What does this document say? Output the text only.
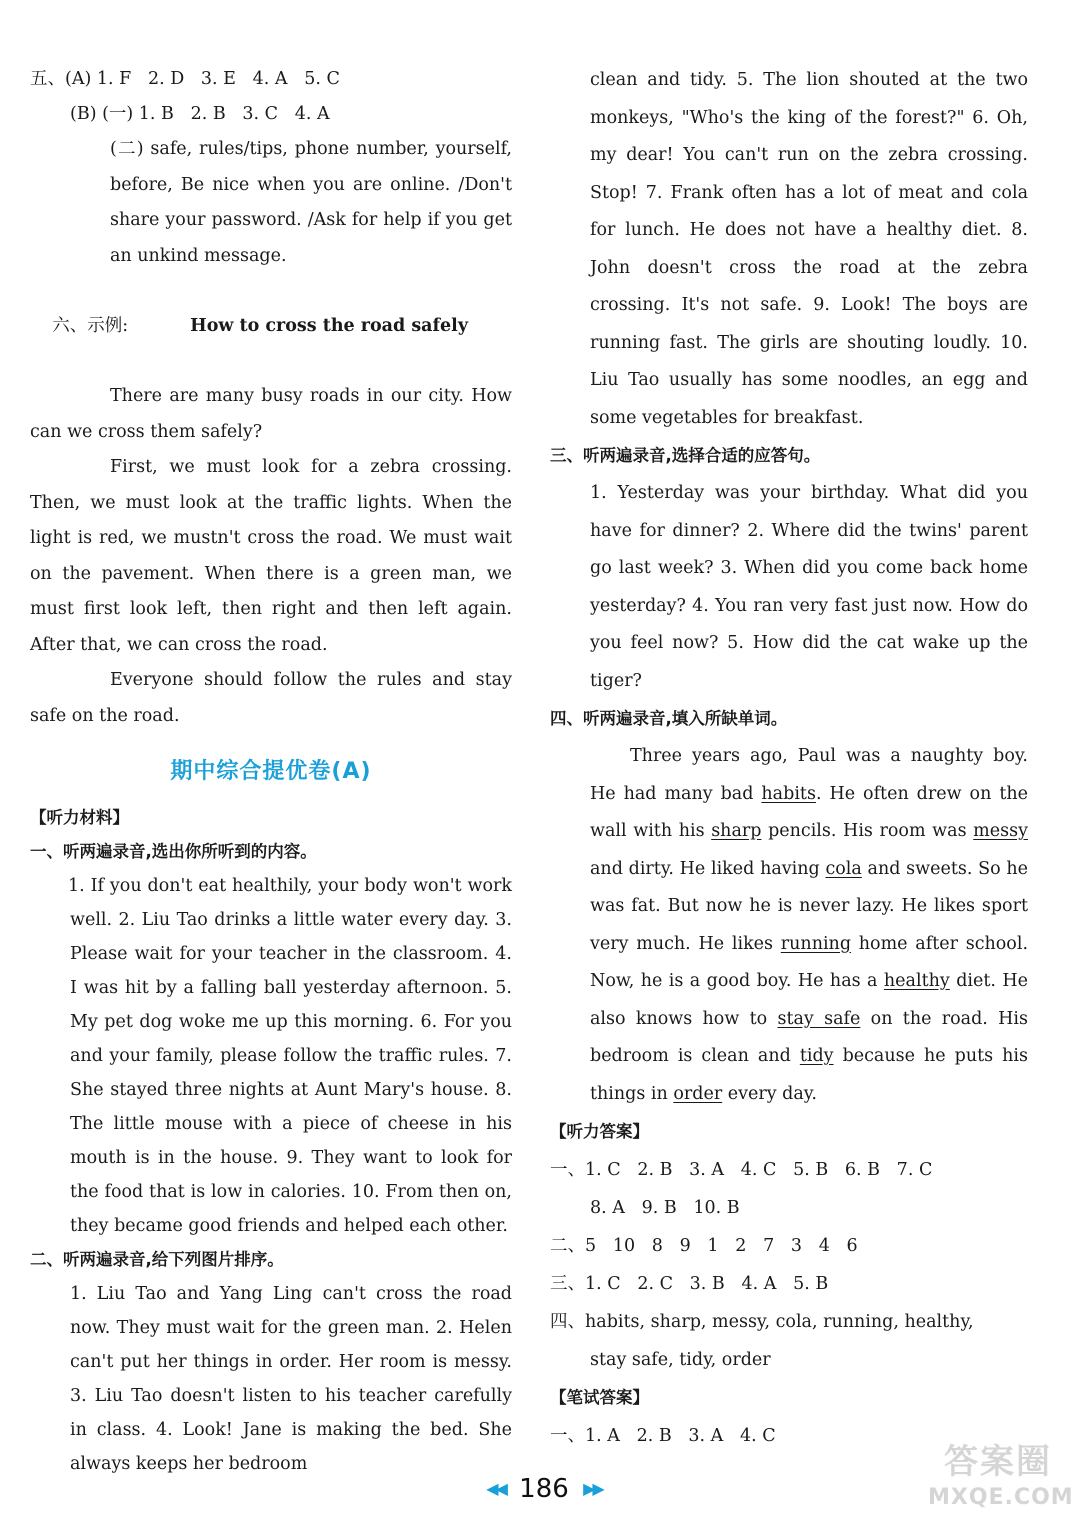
五、(A) 1. F   2. D   3. E   4. A   5. C
(B) (一) 1. B   2. B   3. C   4. A
(二) safe, rules/tips, phone number, yourself, before, Be nice when you are online. /Don't share your password. /Ask for help if you get an unkind message.

六、示例:	How to cross the road safely

There are many busy roads in our city. How can we cross them safely?
First, we must look for a zebra crossing. Then, we must look at the traffic lights. When the light is red, we mustn't cross the road. We must wait on the pavement. When there is a green man, we must first look left, then right and then left again. After that, we can cross the road.
Everyone should follow the rules and stay safe on the road.
期中综合提优卷(A)
【听力材料】
一、听两遍录音,选出你所听到的内容。
1. If you don't eat healthily, your body won't work well. 2. Liu Tao drinks a little water every day. 3. Please wait for your teacher in the classroom. 4. I was hit by a falling ball yesterday afternoon. 5. My pet dog woke me up this morning. 6. For you and your family, please follow the traffic rules. 7. She stayed three nights at Aunt Mary's house. 8. The little mouse with a piece of cheese in his mouth is in the house. 9. They want to look for the food that is low in calories. 10. From then on, they became good friends and helped each other.
二、听两遍录音,给下列图片排序。
1. Liu Tao and Yang Ling can't cross the road now. They must wait for the green man. 2. Helen can't put her things in order. Her room is messy. 3. Liu Tao doesn't listen to his teacher carefully in class. 4. Look! Jane is making the bed. She always keeps her bedroom
clean and tidy. 5. The lion shouted at the two monkeys, "Who's the king of the forest?" 6. Oh, my dear! You can't run on the zebra crossing. Stop! 7. Frank often has a lot of meat and cola for lunch. He does not have a healthy diet. 8. John doesn't cross the road at the zebra crossing. It's not safe. 9. Look! The boys are running fast. The girls are shouting loudly. 10. Liu Tao usually has some noodles, an egg and some vegetables for breakfast.
三、听两遍录音,选择合适的应答句。
1. Yesterday was your birthday. What did you have for dinner? 2. Where did the twins' parent go last week? 3. When did you come back home yesterday? 4. You ran very fast just now. How do you feel now? 5. How did the cat wake up the tiger?
四、听两遍录音,填入所缺单词。
Three years ago, Paul was a naughty boy. He had many bad habits. He often drew on the wall with his sharp pencils. His room was messy and dirty. He liked having cola and sweets. So he was fat. But now he is never lazy. He likes sport very much. He likes running home after school. Now, he is a good boy. He has a healthy diet. He also knows how to stay safe on the road. His bedroom is clean and tidy because he puts his things in order every day.
【听力答案】
一、1. C   2. B   3. A   4. C   5. B   6. B   7. C
8. A   9. B   10. B
二、5   10   8   9   1   2   7   3   4   6
三、1. C   2. C   3. B   4. A   5. B
四、habits, sharp, messy, cola, running, healthy,
stay safe, tidy, order
【笔试答案】
一、1. A   2. B   3. A   4. C
◀◀ 186 ▶▶
答案圈
MXQE.COM
